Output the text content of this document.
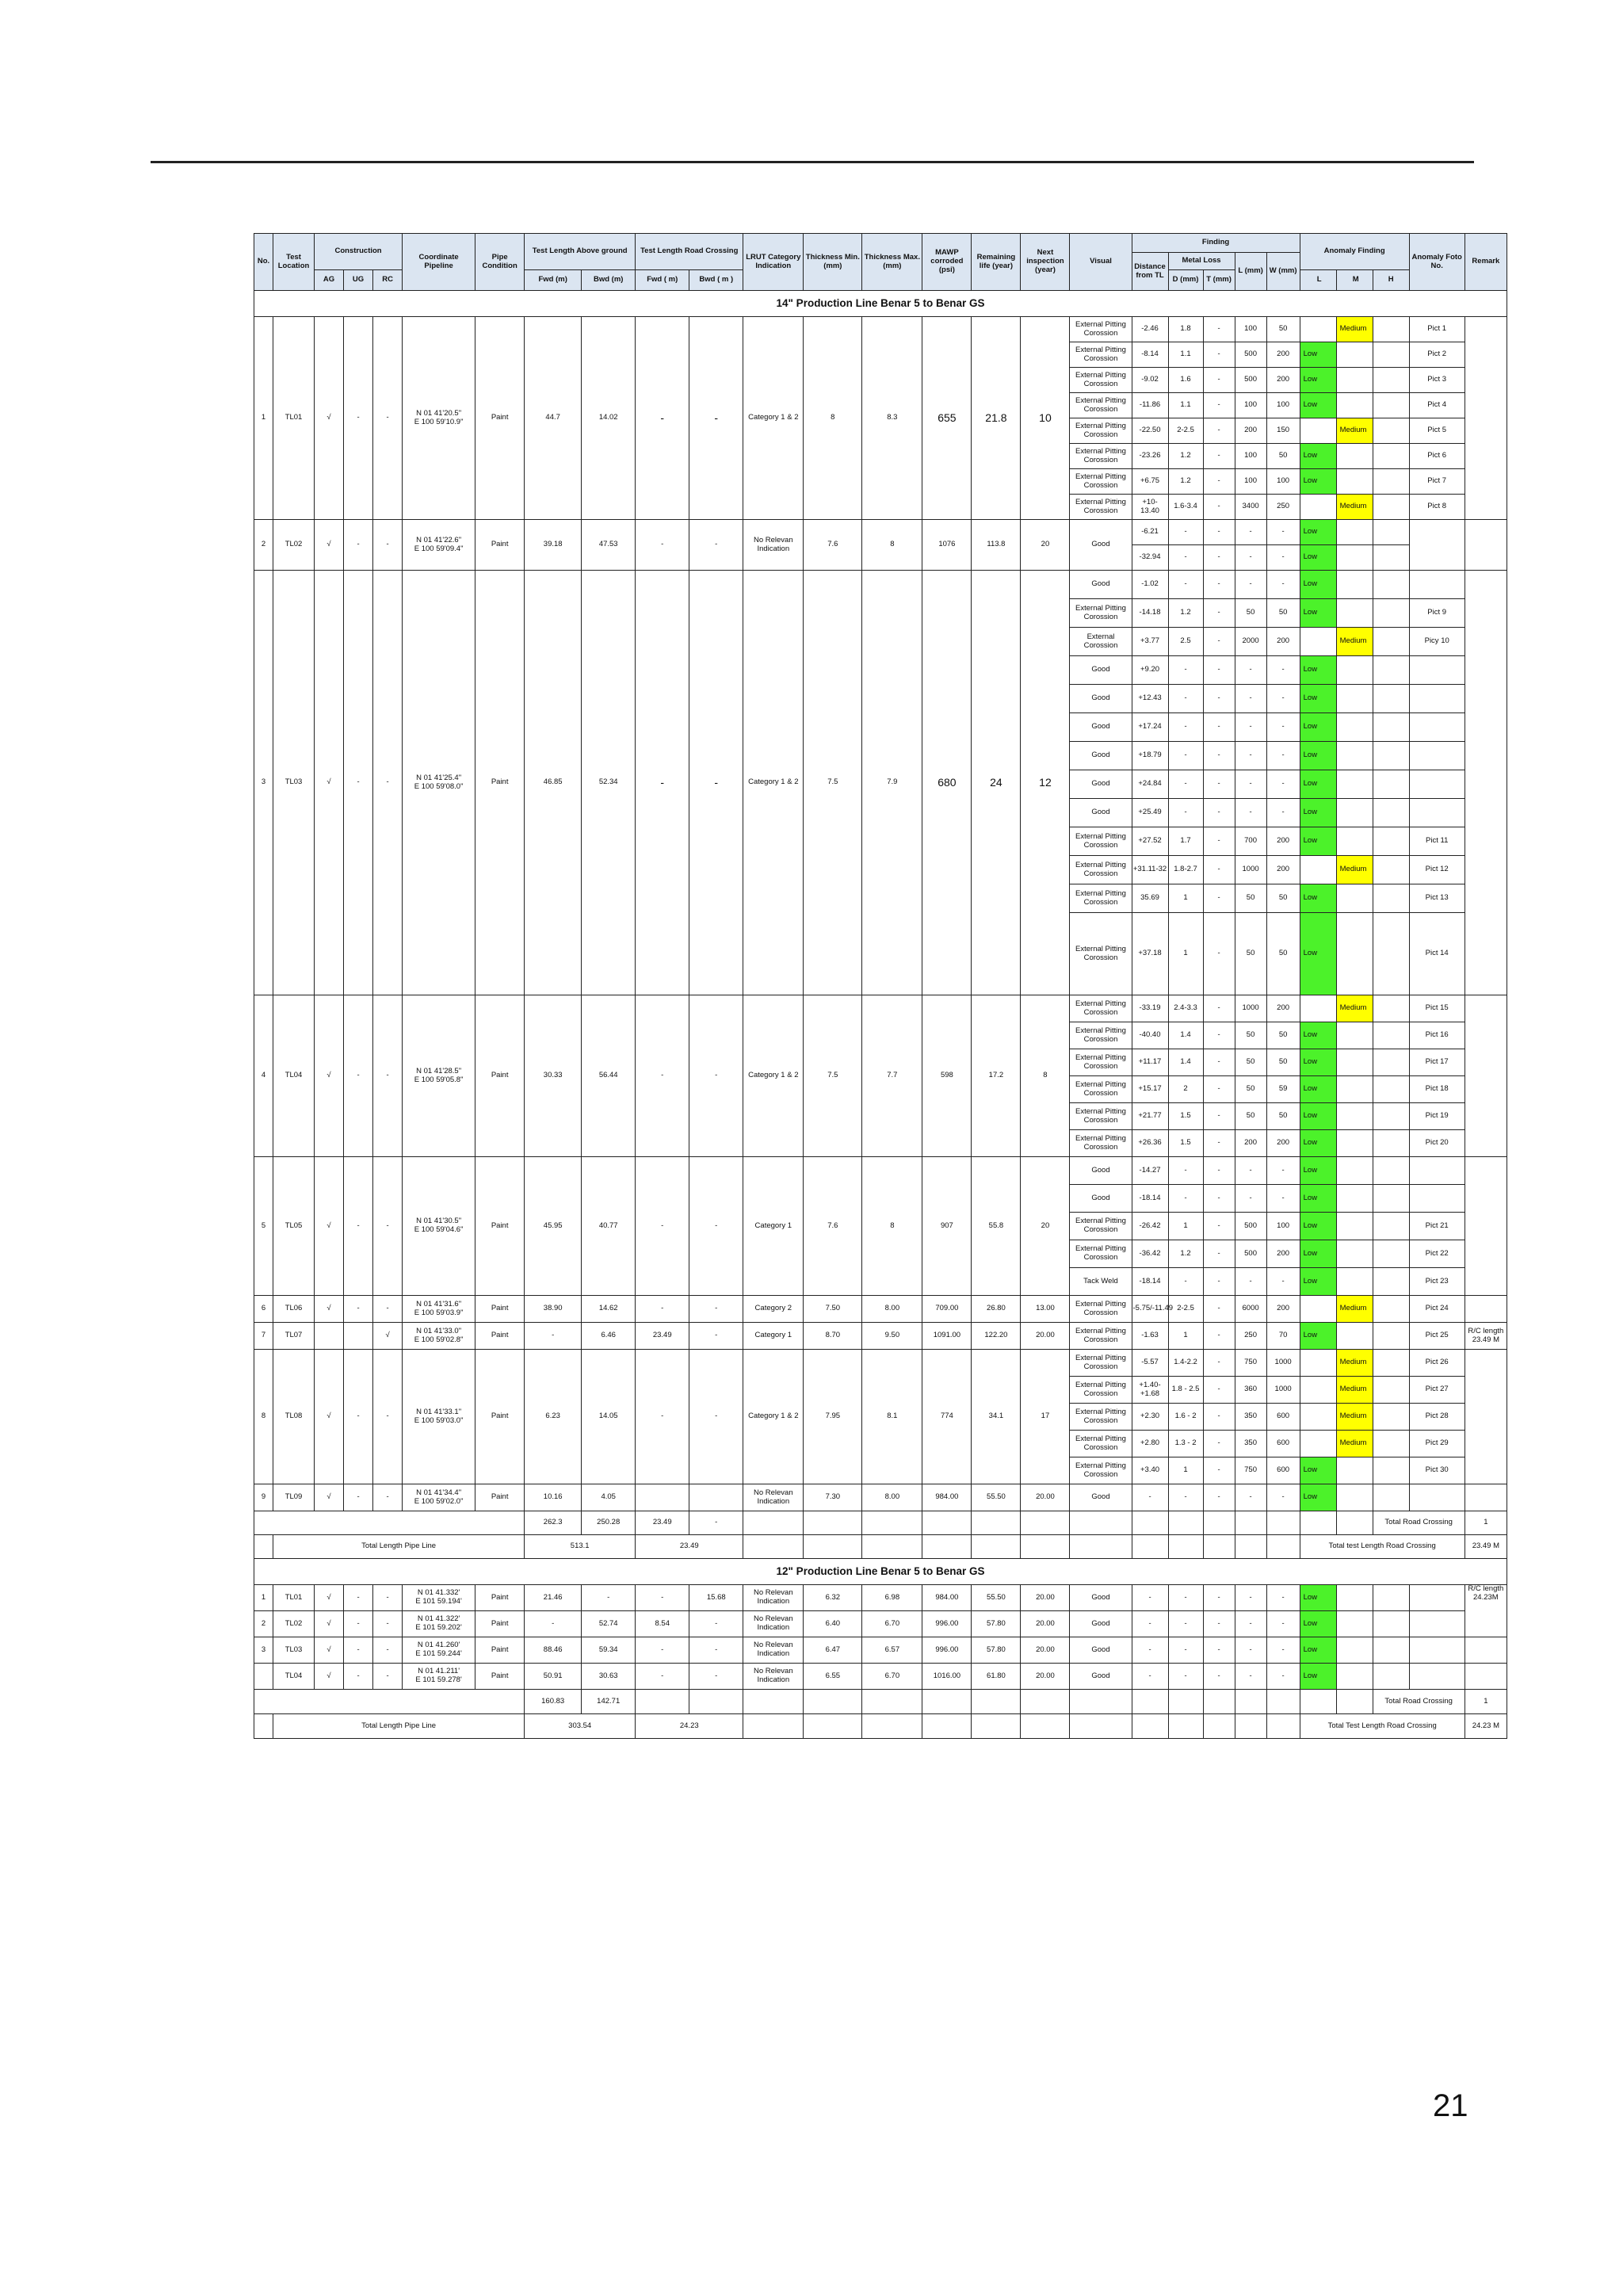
No.	Test Location	Construction			Coordinate Pipeline	Pipe Condition	Test Length Above ground		Test Length Road Crossing		LRUT Category Indication	Thickness Min.(mm)	Thickness Max.(mm)	MAWP corroded (psi)	Remaining life (year)	Next inspection (year)	Visual	Finding					Anomaly Finding			Anomaly Foto No.	Remark
																		Distance from TL	Metal Loss		L (mm)	W (mm)					
		AG	UG	RC			Fwd (m)	Bwd (m)	Fwd ( m)	Bwd ( m )									D (mm)	T (mm)			L	M	H		
14" Production Line Benar 5 to Benar GS																											
1	TL01	√	-	-	N 01 41'20.5"
E 100 59'10.9"	Paint	44.7	14.02	-	-	Category 1 & 2	8	8.3	655	21.8	10	External Pitting Corossion	-2.46	1.8	-	100	50		Medium		Pict 1	
																	External Pitting Corossion	-8.14	1.1	-	500	200	Low			Pict 2	
																	External Pitting Corossion	-9.02	1.6	-	500	200	Low			Pict 3	
																	External Pitting Corossion	-11.86	1.1	-	100	100	Low			Pict 4	
																	External Pitting Corossion	-22.50	2-2.5	-	200	150		Medium		Pict 5	
																	External Pitting Corossion	-23.26	1.2	-	100	50	Low			Pict 6	
																	External Pitting Corossion	+6.75	1.2	-	100	100	Low			Pict 7	
																	External Pitting Corossion	+10-13.40	1.6-3.4	-	3400	250		Medium		Pict 8	
2	TL02	√	-	-	N 01 41'22.6"
E 100 59'09.4"	Paint	39.18	47.53	-	-	No Relevan Indication	7.6	8	1076	113.8	20	Good	-6.21	-	-	-	-	Low				
																		-32.94	-	-	-	-	Low				
3	TL03	√	-	-	N 01 41'25.4"
E 100 59'08.0"	Paint	46.85	52.34	-	-	Category 1 & 2	7.5	7.9	680	24	12	Good	-1.02	-	-	-	-	Low				
																	External Pitting Corossion	-14.18	1.2	-	50	50	Low			Pict 9	
																	External Corossion	+3.77	2.5	-	2000	200		Medium		Picy 10	
																	Good	+9.20	-	-	-	-	Low				
																	Good	+12.43	-	-	-	-	Low				
																	Good	+17.24	-	-	-	-	Low				
																	Good	+18.79	-	-	-	-	Low				
																	Good	+24.84	-	-	-	-	Low				
																	Good	+25.49	-	-	-	-	Low				
																	External Pitting Corossion	+27.52	1.7	-	700	200	Low			Pict 11	
																	External Pitting Corossion	+31.11-32	1.8-2.7	-	1000	200		Medium		Pict 12	
																	External Pitting Corossion	35.69	1	-	50	50	Low			Pict 13	
																	External Pitting Corossion	+37.18	1	-	50	50	Low			Pict 14	
4	TL04	√	-	-	N 01 41'28.5"
E 100 59'05.8"	Paint	30.33	56.44	-	-	Category 1 & 2	7.5	7.7	598	17.2	8	External Pitting Corossion	-33.19	2.4-3.3	-	1000	200		Medium		Pict 15	
																	External Pitting Corossion	-40.40	1.4	-	50	50	Low			Pict 16	
																	External Pitting Corossion	+11.17	1.4	-	50	50	Low			Pict 17	
																	External Pitting Corossion	+15.17	2	-	50	59	Low			Pict 18	
																	External Pitting Corossion	+21.77	1.5	-	50	50	Low			Pict 19	
																	External Pitting Corossion	+26.36	1.5	-	200	200	Low			Pict 20	
5	TL05	√	-	-	N 01 41'30.5"
E 100 59'04.6"	Paint	45.95	40.77	-	-	Category 1	7.6	8	907	55.8	20	Good	-14.27	-	-	-	-	Low				
																	Good	-18.14	-	-	-	-	Low				
																	External Pitting Corossion	-26.42	1	-	500	100	Low			Pict 21	
																	External Pitting Corossion	-36.42	1.2	-	500	200	Low			Pict 22	
																	Tack Weld	-18.14	-	-	-	-	Low			Pict 23	
6	TL06	√	-	-	N 01 41'31.6"
E 100 59'03.9"	Paint	38.90	14.62	-	-	Category 2	7.50	8.00	709.00	26.80	13.00	External Pitting Corossion	-5.75/-11.49	2-2.5	-	6000	200		Medium		Pict 24	
7	TL07			√	N 01 41'33.0"
E 100 59'02.8"	Paint	-	6.46	23.49	-	Category 1	8.70	9.50	1091.00	122.20	20.00	External Pitting Corossion	-1.63	1	-	250	70	Low			Pict 25	R/C length 23.49 M
8	TL08	√	-	-	N 01 41'33.1"
E 100 59'03.0"	Paint	6.23	14.05	-	-	Category 1 & 2	7.95	8.1	774	34.1	17	External Pitting Corossion	-5.57	1.4-2.2	-	750	1000		Medium		Pict 26	
																	External Pitting Corossion	+1.40-+1.68	1.8 - 2.5	-	360	1000		Medium		Pict 27	
																	External Pitting Corossion	+2.30	1.6 - 2	-	350	600		Medium		Pict 28	
																	External Pitting Corossion	+2.80	1.3 - 2	-	350	600		Medium		Pict 29	
																	External Pitting Corossion	+3.40	1	-	750	600	Low			Pict 30	
9	TL09	√	-	-	N 01 41'34.4"
E 100 59'02.0"	Paint	10.16	4.05			No Relevan Indication	7.30	8.00	984.00	55.50	20.00	Good	-	-	-	-	-	Low				
							262.3	250.28	23.49	-															Total Road Crossing		1
	Total Length Pipe Line						513.1		23.49														Total test Length Road Crossing				23.49 M
12" Production Line Benar 5 to Benar GS																											
1	TL01	√	-	-	N 01 41.332'
E 101 59.194'	Paint	21.46	-	-	15.68	No Relevan Indication	6.32	6.98	984.00	55.50	20.00	Good	-	-	-	-	-	Low				R/C length 24.23M
2	TL02	√	-	-	N 01 41.322'
E 101 59.202'	Paint	-	52.74	8.54	-	No Relevan Indication	6.40	6.70	996.00	57.80	20.00	Good	-	-	-	-	-	Low				
3	TL03	√	-	-	N 01 41.260'
E 101 59.244'	Paint	88.46	59.34	-	-	No Relevan Indication	6.47	6.57	996.00	57.80	20.00	Good	-	-	-	-	-	Low				
	TL04	√	-	-	N 01 41.211'
E 101 59.278'	Paint	50.91	30.63	-	-	No Relevan Indication	6.55	6.70	1016.00	61.80	20.00	Good	-	-	-	-	-	Low				
							160.83	142.71																	Total Road Crossing		1
	Total Length Pipe Line						303.54		24.23														Total Test Length Road Crossing				24.23 M
21
